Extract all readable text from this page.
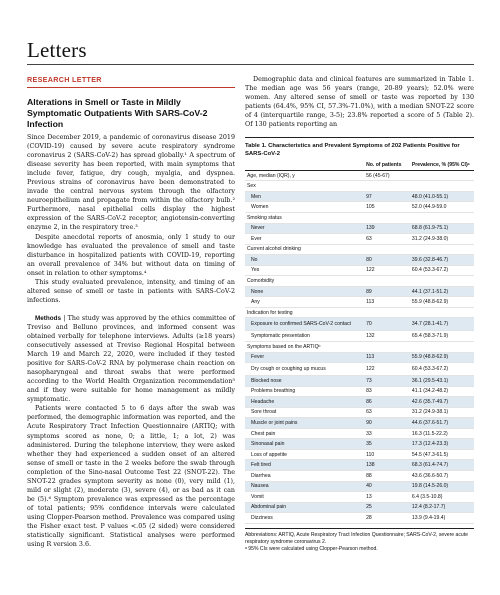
Letters
RESEARCH LETTER
Alterations in Smell or Taste in Mildly Symptomatic Outpatients With SARS-CoV-2 Infection

Since December 2019, a pandemic of coronavirus disease 2019 (COVID-19) caused by severe acute respiratory syndrome coronavirus 2 (SARS-CoV-2) has spread globally.¹ A spectrum of disease severity has been reported, with main symptoms that include fever, fatigue, dry cough, myalgia, and dyspnea. Previous strains of coronavirus have been demonstrated to invade the central nervous system through the olfactory neuroepithelium and propagate from within the olfactory bulb.² Furthermore, nasal epithelial cells display the highest expression of the SARS-CoV-2 receptor, angiotensin-converting enzyme 2, in the respiratory tree.³

Despite anecdotal reports of anosmia, only 1 study to our knowledge has evaluated the prevalence of smell and taste disturbance in hospitalized patients with COVID-19, reporting an overall prevalence of 34% but without data on timing of onset in relation to other symptoms.⁴

This study evaluated prevalence, intensity, and timing of an altered sense of smell or taste in patients with SARS-CoV-2 infections.

Methods | The study was approved by the ethics committee of Treviso and Belluno provinces, and informed consent was obtained verbally for telephone interviews. Adults (≥18 years) consecutively assessed at Treviso Regional Hospital between March 19 and March 22, 2020, were included if they tested positive for SARS-CoV-2 RNA by polymerase chain reaction on nasopharyngeal and throat swabs that were performed according to the World Health Organization recommendation⁵ and if they were suitable for home management as mildly symptomatic.

Patients were contacted 5 to 6 days after the swab was performed, the demographic information was reported, and the Acute Respiratory Tract Infection Questionnaire (ARTIQ; with symptoms scored as none, 0; a little, 1; a lot, 2) was administered. During the telephone interview, they were asked whether they had experienced a sudden onset of an altered sense of smell or taste in the 2 weeks before the swab through completion of the Sino-nasal Outcome Test 22 (SNOT-22). The SNOT-22 grades symptom severity as none (0), very mild (1), mild or slight (2), moderate (3), severe (4), or as bad as it can be (5).⁶ Symptom prevalence was expressed as the percentage of total patients; 95% confidence intervals were calculated using Clopper-Pearson method. Prevalence was compared using the Fisher exact test. P values <.05 (2 sided) were considered statistically significant. Statistical analyses were performed using R version 3.6.

Demographic data and clinical features are summarized in Table 1. The median age was 56 years (range, 20-89 years); 52.0% were women. Any altered sense of smell or taste was reported by 130 patients (64.4%, 95% CI, 57.3%-71.0%), with a median SNOT-22 score of 4 (interquartile range, 3-5); 23.8% reported a score of 5 (Table 2). Of 130 patients reporting an

Table 1. Characteristics and Prevalent Symptoms of 202 Patients Positive for SARS-CoV-2
	No. of patients	Prevalence, % (95% CI)ᵃ
Age, median (IQR), y	56 (45-67)	
Sex		
Men	97	48.0 (41.0-55.1)
Women	105	52.0 (44.9-59.0
Smoking status		
Never	139	68.8 (61.9-75.1)
Ever	63	31.2 (24.9-38.0)
Current alcohol drinking		
No	80	39.6 (32.8-46.7)
Yes	122	60.4 (53.3-67.2)
Comorbidity		
None	89	44.1 (37.1-51.2)
Any	113	55.9 (48.8-62.9)
Indication for testing		
Exposure to confirmed SARS-CoV-2 contact	70	34.7 (28.1-41.7)
Symptomatic presentation	132	65.4 (58.3-71.9)
Symptoms based on the ARTIQᵇ		
Fever	113	55.9 (48.8-62.9)
Dry cough or coughing up mucus	122	60.4 (53.3-67.2)
Blocked nose	73	36.1 (29.5-43.1)
Problems breathing	83	41.1 (34.2-48.2)
Headache	86	42.6 (35.7-49.7)
Sore throat	63	31.2 (24.9-38.1)
Muscle or joint pains	90	44.6 (37.6-51.7)
Chest pain	33	16.3 (11.5-22.2)
Sinonasal pain	35	17.3 (12.4-23.3)
Loss of appetite	110	54.5 (47.3-61.5)
Felt tired	138	68.3 (61.4-74.7)
Diarrhea	88	43.6 (36.6-50.7)
Nausea	40	19.8 (14.5-26.0)
Vomit	13	6.4 (3.5-10.8)
Abdominal pain	25	12.4 (8.2-17.7)
Dizziness	28	13.9 (9.4-19.4)
Abbreviations: ARTIQ, Acute Respiratory Tract Infection Questionnaire; SARS-CoV-2, severe acute respiratory syndrome coronavirus 2.
ᵃ 95% CIs were calculated using Clopper-Pearson method.
